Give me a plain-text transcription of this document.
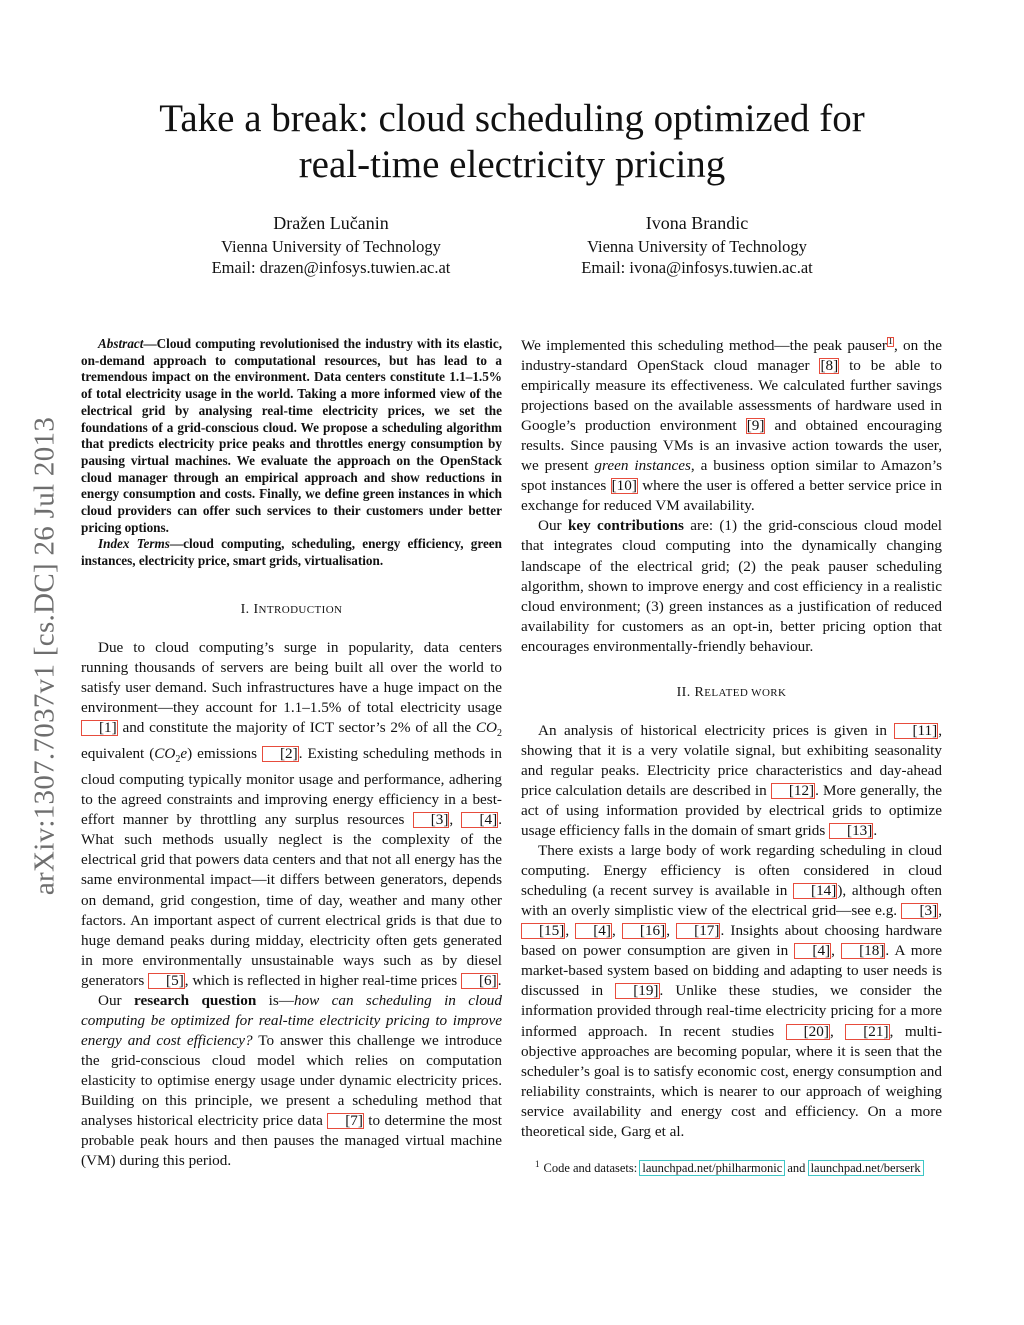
arXiv:1307.7037v1 [cs.DC] 26 Jul 2013
Take a break: cloud scheduling optimized for
real-time electricity pricing
Dražen Lučanin
Vienna University of Technology
Email: drazen@infosys.tuwien.ac.at
Ivona Brandic
Vienna University of Technology
Email: ivona@infosys.tuwien.ac.at

Abstract—Cloud computing revolutionised the industry with its elastic, on-demand approach to computational resources, but has lead to a tremendous impact on the environment. Data centers constitute 1.1–1.5% of total electricity usage in the world. Taking a more informed view of the electrical grid by analysing real-time electricity prices, we set the foundations of a grid-conscious cloud. We propose a scheduling algorithm that predicts electricity price peaks and throttles energy consumption by pausing virtual machines. We evaluate the approach on the OpenStack cloud manager through an empirical approach and show reductions in energy consumption and costs. Finally, we define green instances in which cloud providers can offer such services to their customers under better pricing options.

Index Terms—cloud computing, scheduling, energy efficiency, green instances, electricity price, smart grids, virtualisation.

I. INTRODUCTION

Due to cloud computing’s surge in popularity, data centers running thousands of servers are being built all over the world to satisfy user demand. Such infrastructures have a huge impact on the environment—they account for 1.1–1.5% of total electricity usage [1] and constitute the majority of ICT sector’s 2% of all the $CO_2$ equivalent $(CO_2e)$ emissions [2]. Existing scheduling methods in cloud computing typically monitor usage and performance, adhering to the agreed constraints and improving energy efficiency in a best-effort manner by throttling any surplus resources [3], [4]. What such methods usually neglect is the complexity of the electrical grid that powers data centers and that not all energy has the same environmental impact—it differs between generators, depends on demand, grid congestion, time of day, weather and many other factors. An important aspect of current electrical grids is that due to huge demand peaks during midday, electricity often gets generated in more environmentally unsustainable ways such as by diesel generators [5], which is reflected in higher real-time prices [6].

Our research question is—how can scheduling in cloud computing be optimized for real-time electricity pricing to improve energy and cost efficiency? To answer this challenge we introduce the grid-conscious cloud model which relies on computation elasticity to optimise energy usage under dynamic electricity prices. Building on this principle, we present a scheduling method that analyses historical electricity price data [7] to determine the most probable peak hours and then pauses the managed virtual machine (VM) during this period.

We implemented this scheduling method—the peak pauser1, on the industry-standard OpenStack cloud manager [8] to be able to empirically measure its effectiveness. We calculated further savings projections based on the available assessments of hardware used in Google’s production environment [9] and obtained encouraging results. Since pausing VMs is an invasive action towards the user, we present green instances, a business option similar to Amazon’s spot instances [10] where the user is offered a better service price in exchange for reduced VM availability.

Our key contributions are: (1) the grid-conscious cloud model that integrates cloud computing into the dynamically changing landscape of the electrical grid; (2) the peak pauser scheduling algorithm, shown to improve energy and cost efficiency in a realistic cloud environment; (3) green instances as a justification of reduced availability for customers as an opt-in, better pricing option that encourages environmentally-friendly behaviour.

II. RELATED WORK

An analysis of historical electricity prices is given in [11], showing that it is a very volatile signal, but exhibiting seasonality and regular peaks. Electricity price characteristics and day-ahead price calculation details are described in [12]. More generally, the act of using information provided by electrical grids to optimize usage efficiency falls in the domain of smart grids [13].

There exists a large body of work regarding scheduling in cloud computing. Energy efficiency is often considered in cloud scheduling (a recent survey is available in [14]), although often with an overly simplistic view of the electrical grid—see e.g. [3], [15], [4], [16], [17]. Insights about choosing hardware based on power consumption are given in [4], [18]. A more market-based system based on bidding and adapting to user needs is discussed in [19]. Unlike these studies, we consider the information provided through real-time electricity pricing for a more informed approach. In recent studies [20], [21], multi-objective approaches are becoming popular, where it is seen that the scheduler’s goal is to satisfy economic cost, energy consumption and reliability constraints, which is nearer to our approach of weighing service availability and energy cost and efficiency. On a more theoretical side, Garg et al.

$^1$ Code and datasets: launchpad.net/philharmonic and launchpad.net/berserk
